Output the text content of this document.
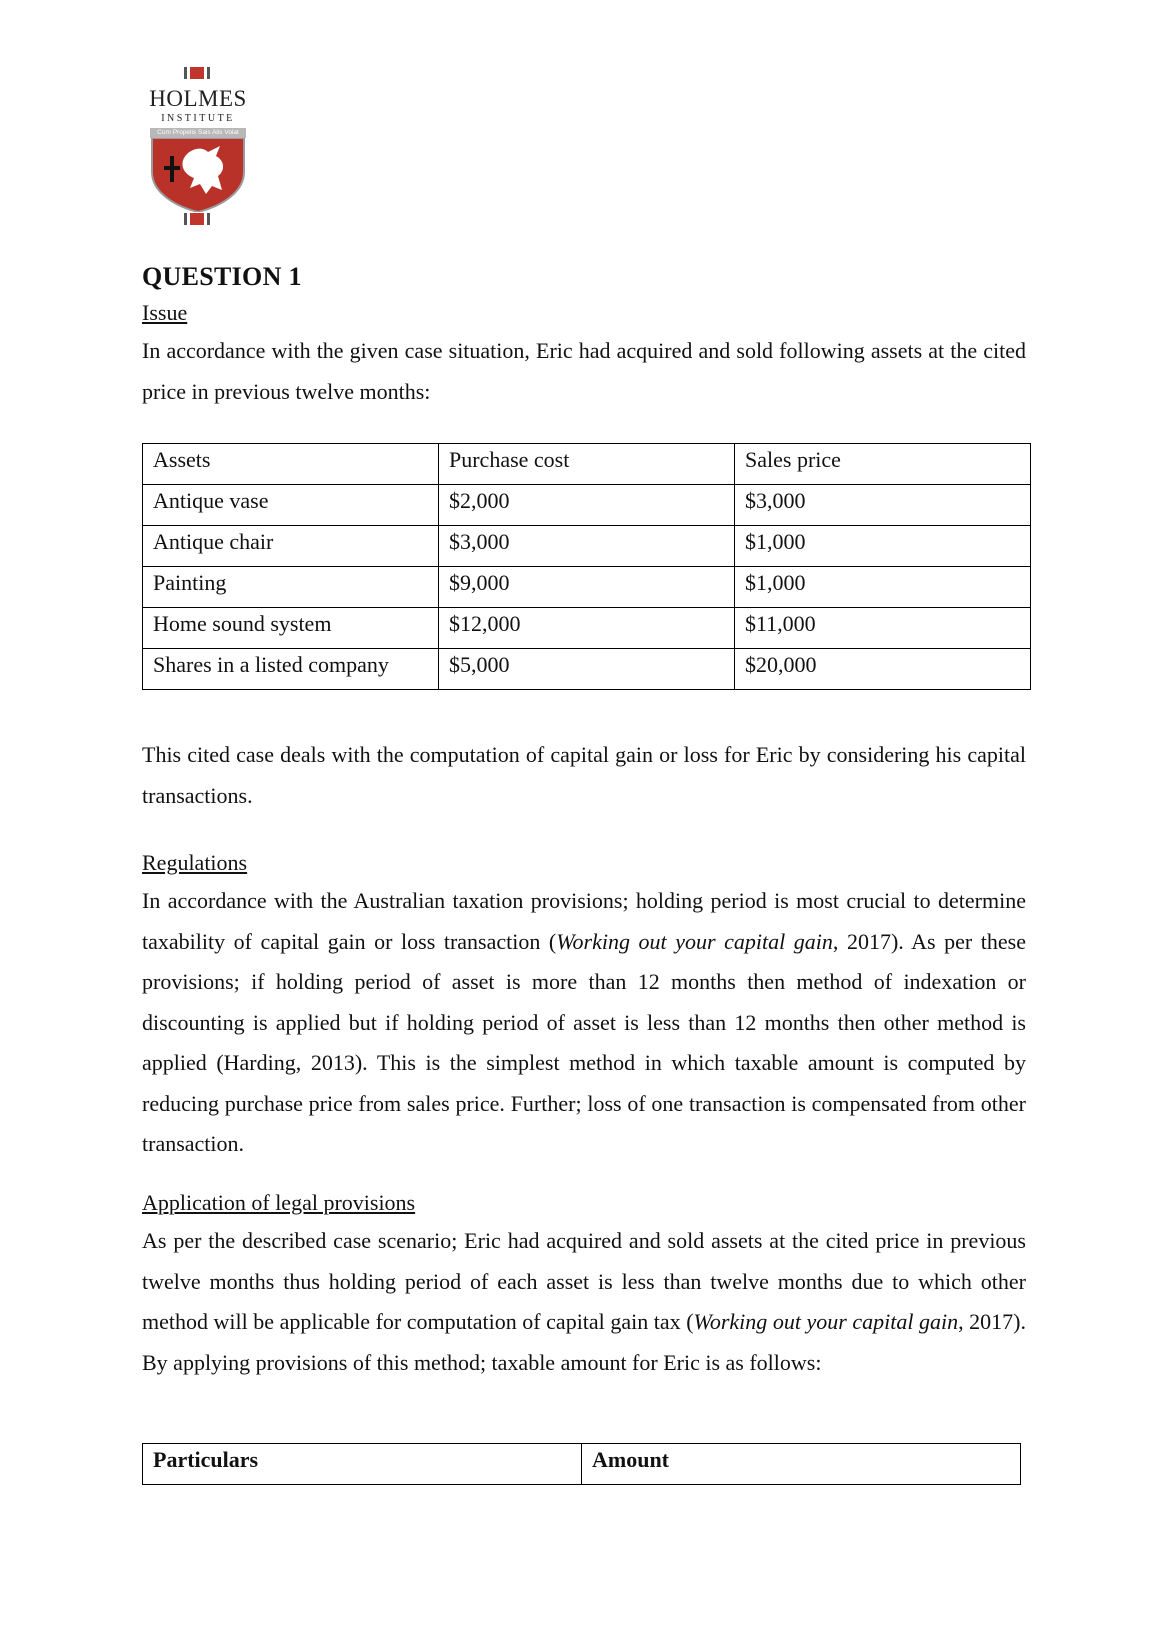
HOLMES
INSTITUTE
Cum Propelis Sais Alis Volat
QUESTION 1
Issue

In accordance with the given case situation, Eric had acquired and sold following assets at the cited price in previous twelve months:

Assets	Purchase cost	Sales price
Antique vase	$2,000	$3,000
Antique chair	$3,000	$1,000
Painting	$9,000	$1,000
Home sound system	$12,000	$11,000
Shares in a listed company	$5,000	$20,000

This cited case deals with the computation of capital gain or loss for Eric by considering his capital transactions.

Regulations

In accordance with the Australian taxation provisions; holding period is most crucial to determine taxability of capital gain or loss transaction (Working out your capital gain, 2017). As per these provisions; if holding period of asset is more than 12 months then method of indexation or discounting is applied but if holding period of asset is less than 12 months then other method is applied (Harding, 2013). This is the simplest method in which taxable amount is computed by reducing purchase price from sales price. Further; loss of one transaction is compensated from other transaction.

Application of legal provisions

As per the described case scenario; Eric had acquired and sold assets at the cited price in previous twelve months thus holding period of each asset is less than twelve months due to which other method will be applicable for computation of capital gain tax (Working out your capital gain, 2017). By applying provisions of this method; taxable amount for Eric is as follows:

Particulars	Amount
